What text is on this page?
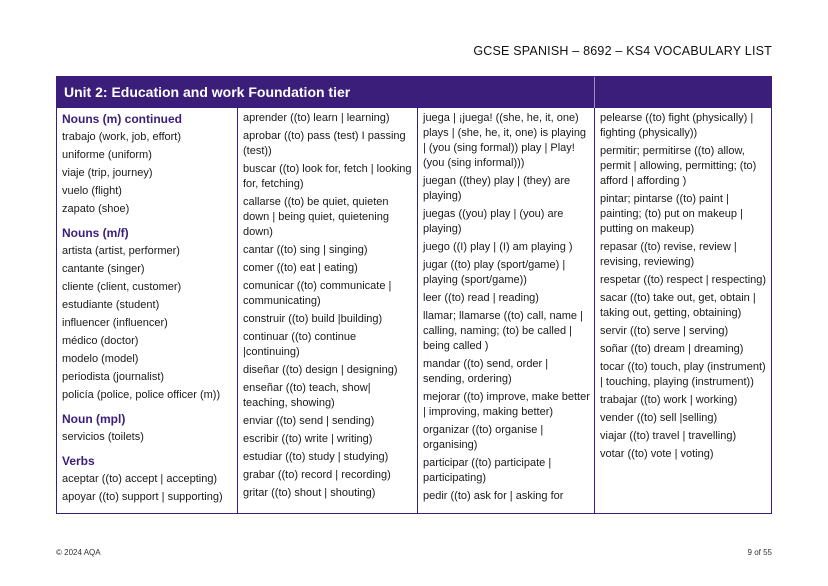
GCSE SPANISH – 8692 – KS4 VOCABULARY LIST
Unit 2: Education and work Foundation tier
Nouns (m) continued
trabajo (work, job, effort)
uniforme (uniform)
viaje (trip, journey)
vuelo (flight)
zapato (shoe)
Nouns (m/f)
artista (artist, performer)
cantante (singer)
cliente (client, customer)
estudiante (student)
influencer (influencer)
médico (doctor)
modelo (model)
periodista (journalist)
policía (police, police officer (m))
Noun (mpl)
servicios (toilets)
Verbs
aceptar ((to) accept | accepting)
apoyar ((to) support | supporting)
aprender ((to) learn | learning)
aprobar ((to) pass (test) I passing (test))
buscar ((to) look for, fetch | looking for, fetching)
callarse ((to) be quiet, quieten down | being quiet, quietening down)
cantar ((to) sing | singing)
comer ((to) eat | eating)
comunicar ((to) communicate | communicating)
construir ((to) build |building)
continuar ((to) continue |continuing)
diseñar ((to) design | designing)
enseñar ((to) teach, show| teaching, showing)
enviar ((to) send | sending)
escribir ((to) write | writing)
estudiar ((to) study | studying)
grabar ((to) record | recording)
gritar ((to) shout | shouting)
juega | ¡juega! ((she, he, it, one) plays | (she, he, it, one) is playing | (you (sing formal)) play | Play! (you (sing informal)))
juegan ((they) play | (they) are playing)
juegas ((you) play | (you) are playing)
juego ((I) play | (I) am playing )
jugar ((to) play (sport/game) | playing (sport/game))
leer ((to) read | reading)
llamar; llamarse ((to) call, name | calling, naming; (to) be called | being called )
mandar ((to) send, order | sending, ordering)
mejorar ((to) improve, make better | improving, making better)
organizar ((to) organise | organising)
participar ((to) participate | participating)
pedir ((to) ask for | asking for
pelearse ((to) fight (physically) | fighting (physically))
permitir; permitirse ((to) allow, permit | allowing, permitting; (to) afford | affording )
pintar; pintarse ((to) paint | painting; (to) put on makeup | putting on makeup)
repasar ((to) revise, review | revising, reviewing)
respetar ((to) respect | respecting)
sacar ((to) take out, get, obtain | taking out, getting, obtaining)
servir ((to) serve | serving)
soñar ((to) dream | dreaming)
tocar ((to) touch, play (instrument) | touching, playing (instrument))
trabajar ((to) work | working)
vender ((to) sell |selling)
viajar ((to) travel | travelling)
votar ((to) vote | voting)
© 2024 AQA	9 of 55
